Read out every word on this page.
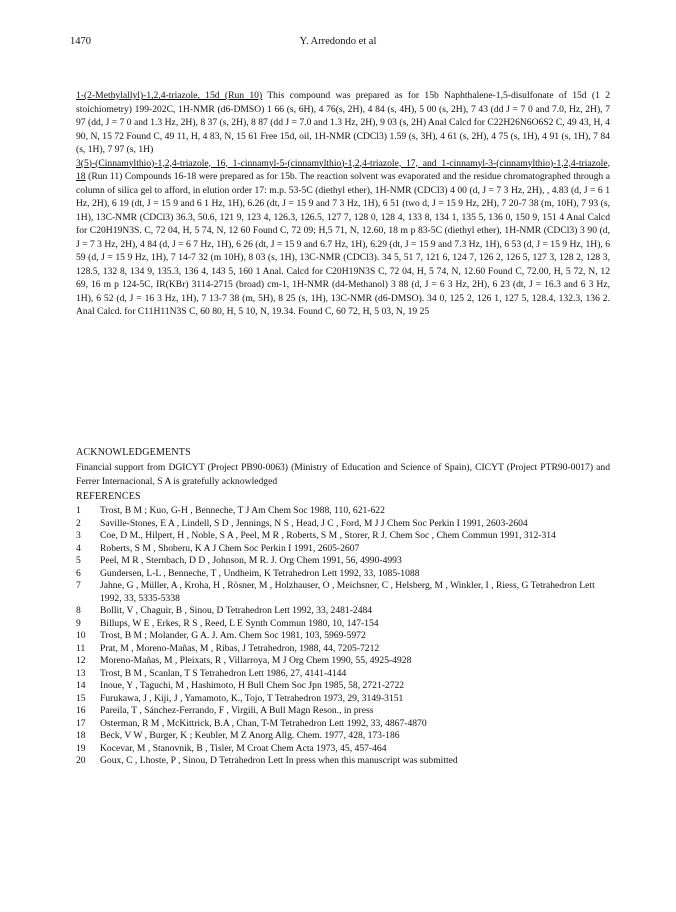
1470	Y. Arredondo et al

1-(2-Methylallyl)-1,2,4-triazole, 15d (Run 10) This compound was prepared as for 15b Naphthalene-1,5-disulfonate of 15d (1 2 stoichiometry) 199-202C, 1H-NMR (d6-DMSO) 1 66 (s, 6H), 4 76(s, 2H), 4 84 (s, 4H), 5 00 (s, 2H), 7 43 (dd J = 7 0 and 7.0, Hz, 2H), 7 97 (dd, J = 7 0 and 1.3 Hz, 2H), 8 37 (s, 2H), 8 87 (dd J = 7.0 and 1.3 Hz, 2H), 9 03 (s, 2H) Anal Calcd for C22H26N6O6S2 C, 49 43, H, 4 90, N, 15 72 Found C, 49 11, H, 4 83, N, 15 61 Free 15d, oil, 1H-NMR (CDCl3) 1.59 (s, 3H), 4 61 (s, 2H), 4 75 (s, 1H), 4 91 (s, 1H), 7 84 (s, 1H), 7 97 (s, 1H)

3(5)-(Cinnamylthio)-1,2,4-triazole, 16, 1-cinnamyl-5-(cinnamylthio)-1,2,4-triazole, 17, and 1-cinnamyl-3-(cinnamylthio)-1,2,4-triazole, 18 (Run 11) Compounds 16-18 were prepared as for 15b. The reaction solvent was evaporated and the residue chromatographed through a column of silica gel to afford, in elution order 17: m.p. 53-5C (diethyl ether), 1H-NMR (CDCl3) 4 00 (d, J = 7 3 Hz, 2H), , 4.83 (d, J = 6 1 Hz, 2H), 6 19 (dt, J = 15 9 and 6 1 Hz, 1H), 6.26 (dt, J = 15 9 and 7 3 Hz, 1H), 6 51 (two d, J = 15 9 Hz, 2H), 7 20-7 38 (m, 10H), 7 93 (s, 1H), 13C-NMR (CDCl3) 36.3, 50.6, 121 9, 123 4, 126.3, 126.5, 127 7, 128 0, 128 4, 133 8, 134 1, 135 5, 136 0, 150 9, 151 4 Anal Calcd for C20H19N3S. C, 72 04, H, 5 74, N, 12 60 Found C, 72 09; H,5 71, N, 12.60, 18 m p 83-5C (diethyl ether), 1H-NMR (CDCl3) 3 90 (d, J = 7 3 Hz, 2H), 4 84 (d, J = 6 7 Hz, 1H), 6 26 (dt, J = 15 9 and 6.7 Hz, 1H), 6.29 (dt, J = 15 9 and 7.3 Hz, 1H), 6 53 (d, J = 15 9 Hz, 1H), 6 59 (d, J = 15 9 Hz, 1H), 7 14-7 32 (m 10H), 8 03 (s, 1H), 13C-NMR (CDCl3). 34 5, 51 7, 121 6, 124 7, 126 2, 126 5, 127 3, 128 2, 128 3, 128.5, 132 8, 134 9, 135.3, 136 4, 143 5, 160 1 Anal. Calcd for C20H19N3S C, 72 04, H, 5 74, N, 12.60 Found C, 72.00, H, 5 72, N, 12 69, 16 m p 124-5C, IR(KBr) 3114-2715 (broad) cm-1, 1H-NMR (d4-Methanol) 3 88 (d, J = 6 3 Hz, 2H), 6 23 (dt, J = 16.3 and 6 3 Hz, 1H), 6 52 (d, J = 16 3 Hz, 1H), 7 13-7 38 (m, 5H), 8 25 (s, 1H), 13C-NMR (d6-DMSO). 34 0, 125 2, 126 1, 127 5, 128.4, 132.3, 136 2. Anal Calcd. for C11H11N3S C, 60 80, H, 5 10, N, 19.34. Found C, 60 72, H, 5 03, N, 19 25

ACKNOWLEDGEMENTS
Financial support from DGICYT (Project PB90-0063) (Ministry of Education and Science of Spain), CICYT (Project PTR90-0017) and Ferrer Internacional, S A is gratefully acknowledged
REFERENCES
1	Trost, B M ; Kuo, G-H , Benneche, T J Am Chem Soc 1988, 110, 621-622
2	Saville-Stones, E A , Lindell, S D , Jennings, N S , Head, J C , Ford, M J J Chem Soc Perkin I 1991, 2603-2604
3	Coe, D M., Hilpert, H , Noble, S A , Peel, M R , Roberts, S M , Storer, R J. Chem Soc , Chem Commun 1991, 312-314
4	Roberts, S M , Shoberu, K A J Chem Soc Perkin I 1991, 2605-2607
5	Peel, M R , Sternbach, D D , Johnson, M R. J. Org Chem 1991, 56, 4990-4993
6	Gundersen, L-L , Benneche, T , Undheim, K Tetrahedron Lett 1992, 33, 1085-1088
7	Jahne, G , Müller, A , Kroha, H , Rösner, M , Holzhauser, O , Meichsner, C , Helsberg, M , Winkler, I , Riess, G Tetrahedron Lett 1992, 33, 5335-5338
8	Bollit, V , Chaguir, B , Sinou, D Tetrahedron Lett 1992, 33, 2481-2484
9	Billups, W E , Erkes, R S , Reed, L E Synth Commun 1980, 10, 147-154
10	Trost, B M ; Molander, G A. J. Am. Chem Soc 1981, 103, 5969-5972
11	Prat, M , Moreno-Mañas, M , Ribas, J Tetrahedron, 1988, 44, 7205-7212
12	Moreno-Mañas, M , Pleixats, R , Villarroya, M J Org Chem 1990, 55, 4925-4928
13	Trost, B M , Scanlan, T S Tetrahedron Lett 1986, 27, 4141-4144
14	Inoue, Y , Taguchi, M , Hashimoto, H Bull Chem Soc Jpn 1985, 58, 2721-2722
15	Furukawa, J , Kiji, J , Yamamoto, K., Tojo, T Tetrahedron 1973, 29, 3149-3151
16	Pareila, T , Sánchez-Ferrando, F , Virgili, A Bull Magn Reson., in press
17	Osterman, R M , McKittrick, B.A , Chan, T-M Tetrahedron Lett 1992, 33, 4867-4870
18	Beck, V W , Burger, K ; Keubler, M Z Anorg Allg. Chem. 1977, 428, 173-186
19	Kocevar, M , Stanovnik, B , Tisler, M Croat Chem Acta 1973, 45, 457-464
20	Goux, C , Lhoste, P , Sinou, D Tetrahedron Lett In press when this manuscript was submitted
